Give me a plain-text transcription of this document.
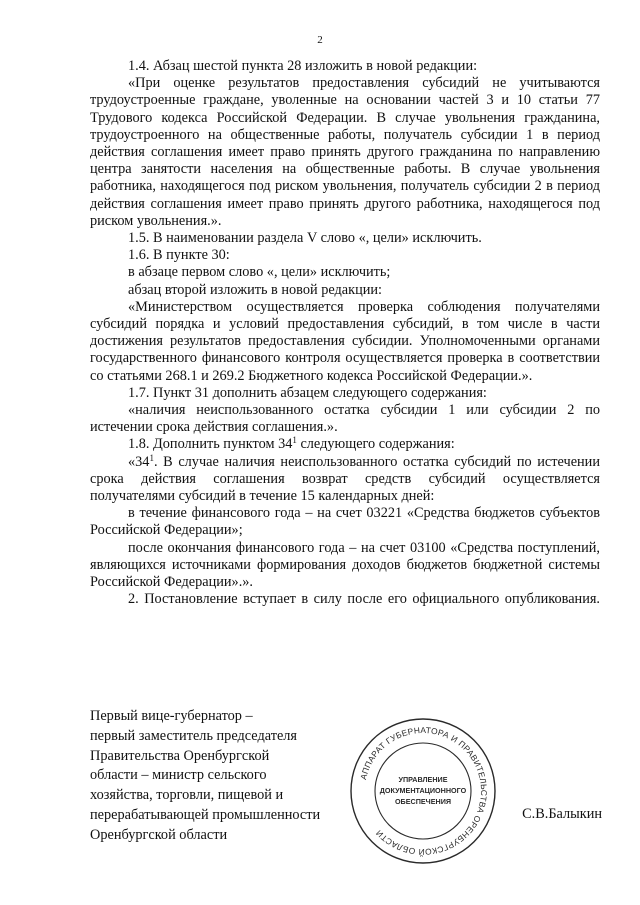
2

1.4. Абзац шестой пункта 28 изложить в новой редакции:

«При оценке результатов предоставления субсидий не учитываются трудоустроенные граждане, уволенные на основании частей 3 и 10 статьи 77 Трудового кодекса Российской Федерации. В случае увольнения гражданина, трудоустроенного на общественные работы, получатель субсидии 1 в период действия соглашения имеет право принять другого гражданина по направлению центра занятости населения на общественные работы. В случае увольнения работника, находящегося под риском увольнения, получатель субсидии 2 в период действия соглашения имеет право принять другого работника, находящегося под риском увольнения.».

1.5. В наименовании раздела V слово «, цели» исключить.

1.6. В пункте 30:

в абзаце первом слово «, цели» исключить;

абзац второй изложить в новой редакции:

«Министерством осуществляется проверка соблюдения получателями субсидий порядка и условий предоставления субсидий, в том числе в части достижения результатов предоставления субсидии. Уполномоченными органами государственного финансового контроля осуществляется проверка в соответствии со статьями 268.1 и 269.2 Бюджетного кодекса Российской Федерации.».

1.7. Пункт 31 дополнить абзацем следующего содержания:

«наличия неиспользованного остатка субсидии 1 или субсидии 2 по истечении срока действия соглашения.».

1.8. Дополнить пунктом $34^1$ следующего содержания:

«$34^1$. В случае наличия неиспользованного остатка субсидий по истечении срока действия соглашения возврат средств субсидий осуществляется получателями субсидий в течение 15 календарных дней:

в течение финансового года – на счет 03221 «Средства бюджетов субъектов Российской Федерации»;

после окончания финансового года – на счет 03100 «Средства поступлений, являющихся источниками формирования доходов бюджетов бюджетной системы Российской Федерации».».

2. Постановление вступает в силу после его официального опубликования.

Первый вице-губернатор –
первый заместитель председателя
Правительства Оренбургской
области – министр сельского
хозяйства, торговли, пищевой и
перерабатывающей промышленности
Оренбургской области
С.В.Балыкин
АППАРАТ ГУБЕРНАТОРА И ПРАВИТЕЛЬСТВА ОРЕНБУРГСКОЙ ОБЛАСТИ
УПРАВЛЕНИЕ
ДОКУМЕНТАЦИОННОГО
ОБЕСПЕЧЕНИЯ
